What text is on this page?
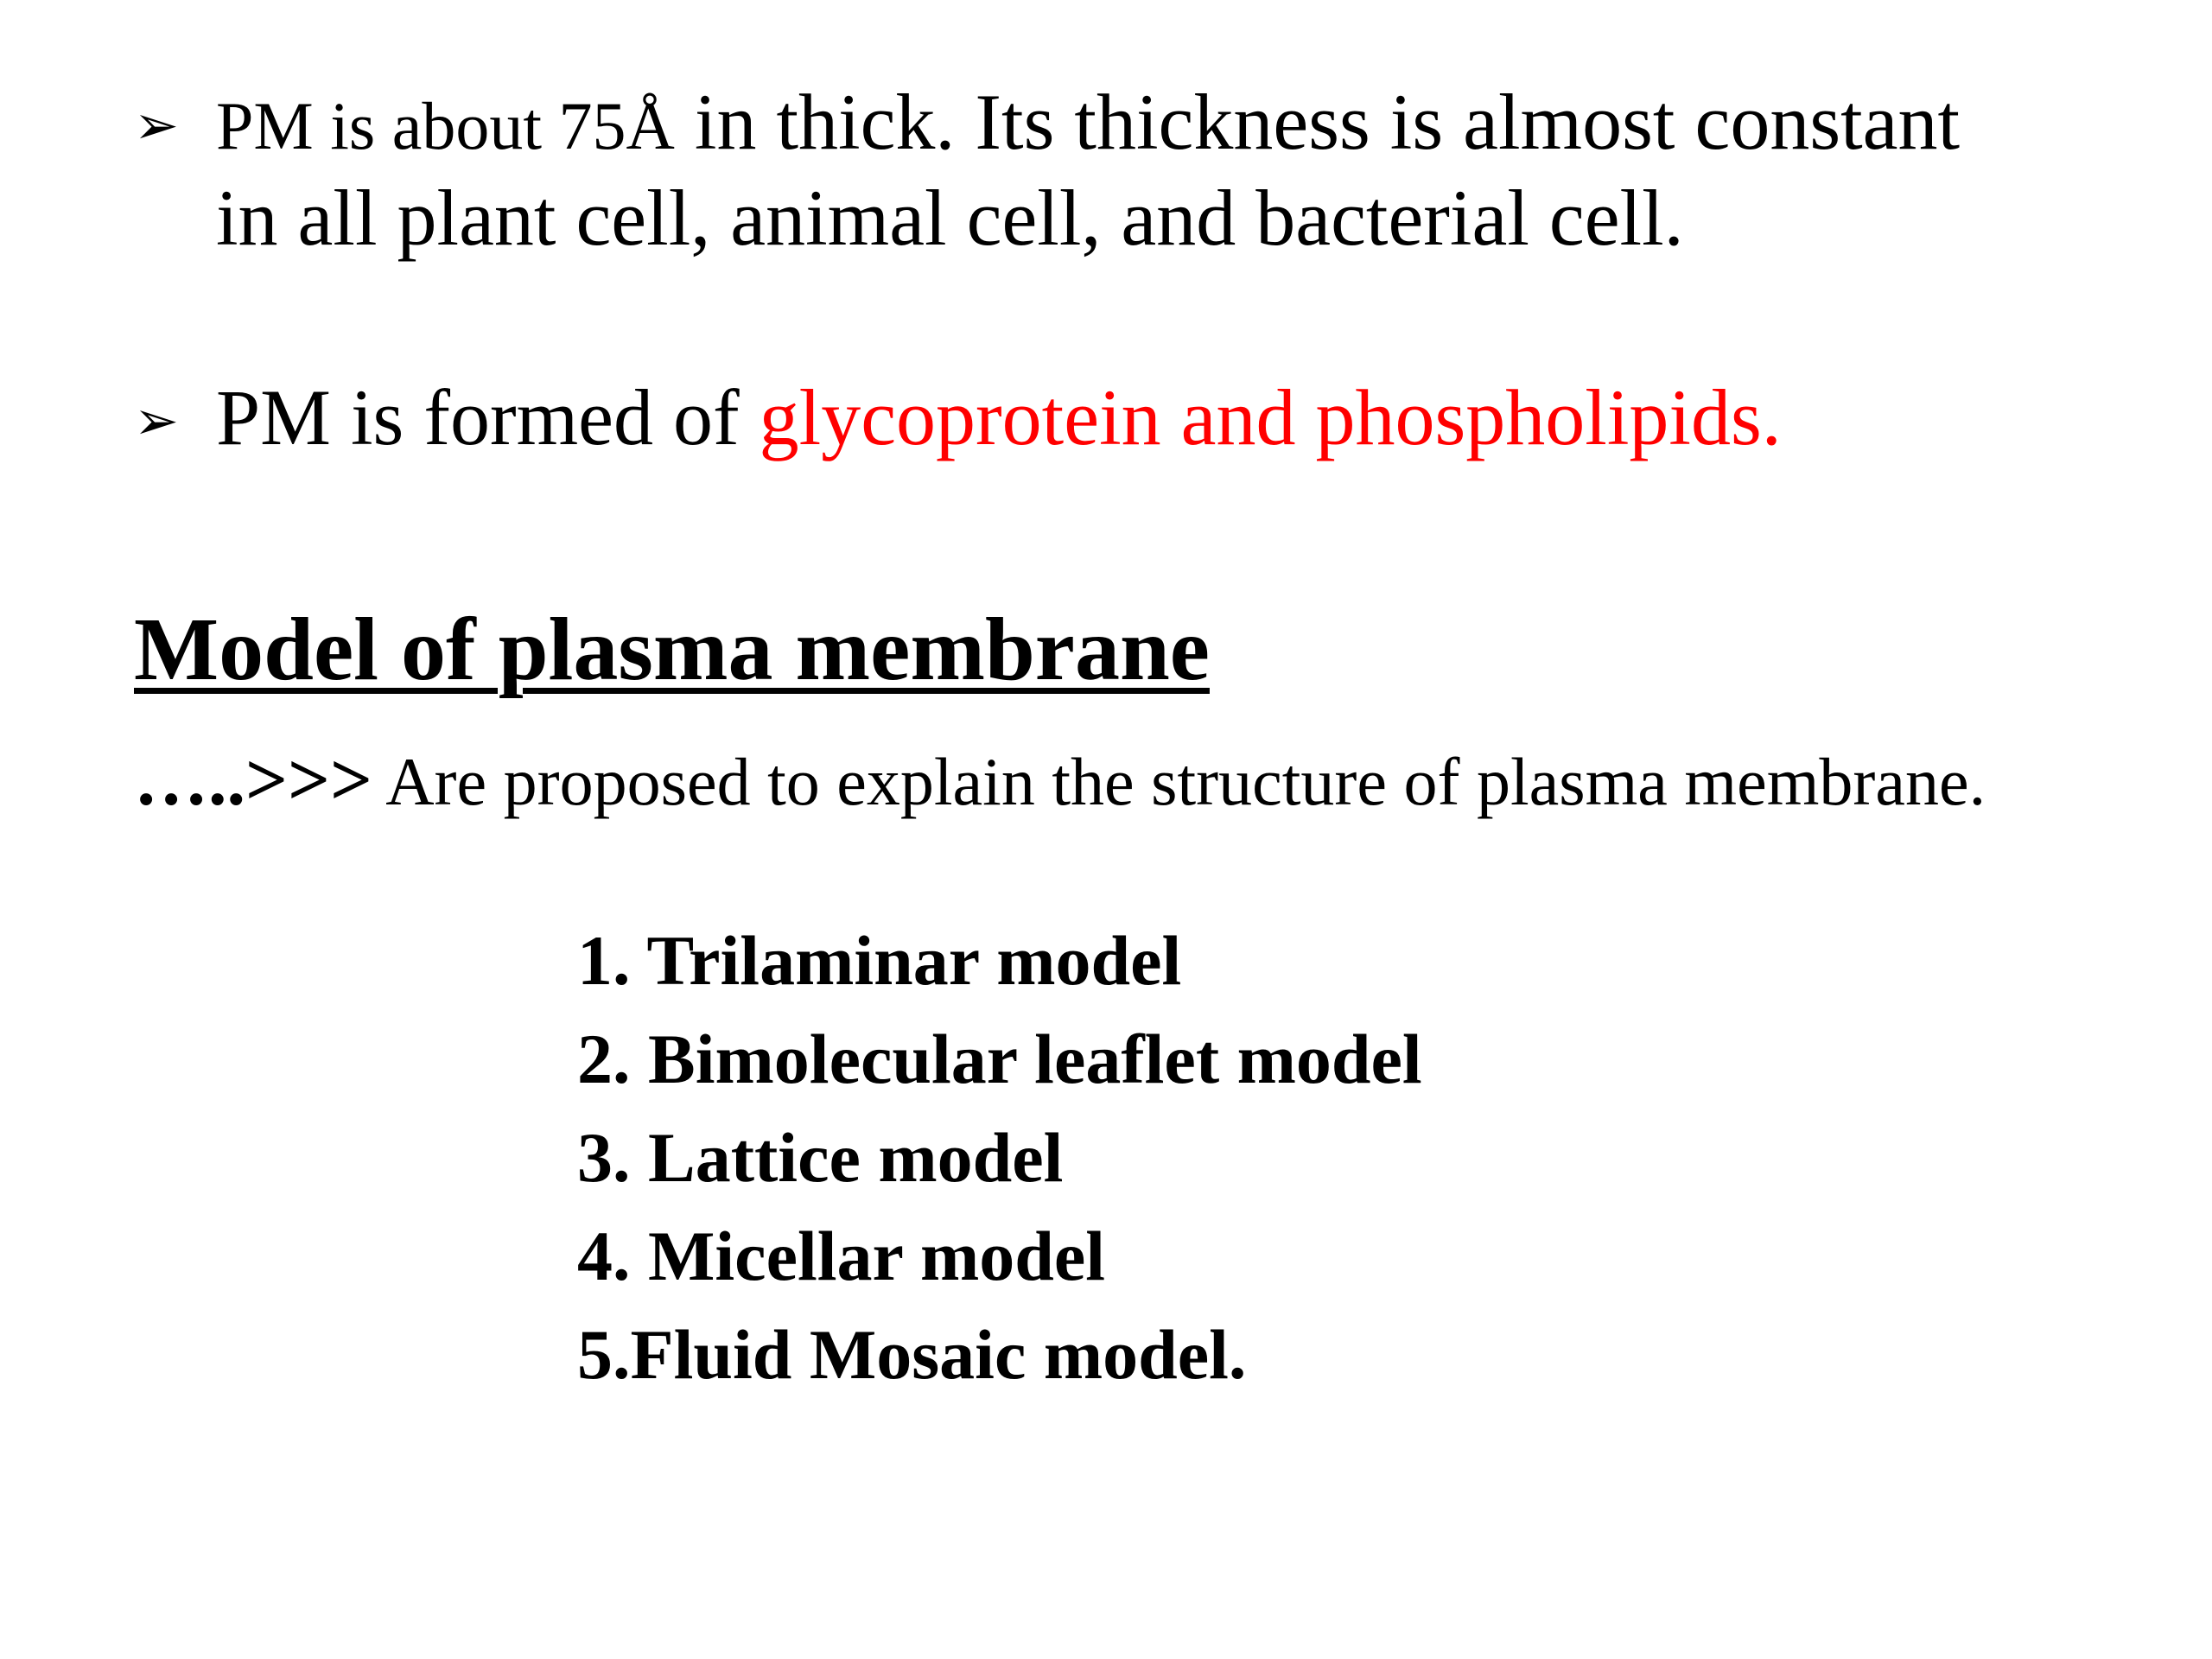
➢ PM is about 75Å in thick. Its thickness is almost constant in all plant cell, animal cell, and bacterial cell.
➢ PM is formed of glycoprotein and phospholipids.
Model of plasma membrane
…..>>> Are proposed to explain the structure of plasma membrane.
1. Trilaminar model
2. Bimolecular leaflet model
3. Lattice model
4. Micellar model
5.Fluid Mosaic model.
